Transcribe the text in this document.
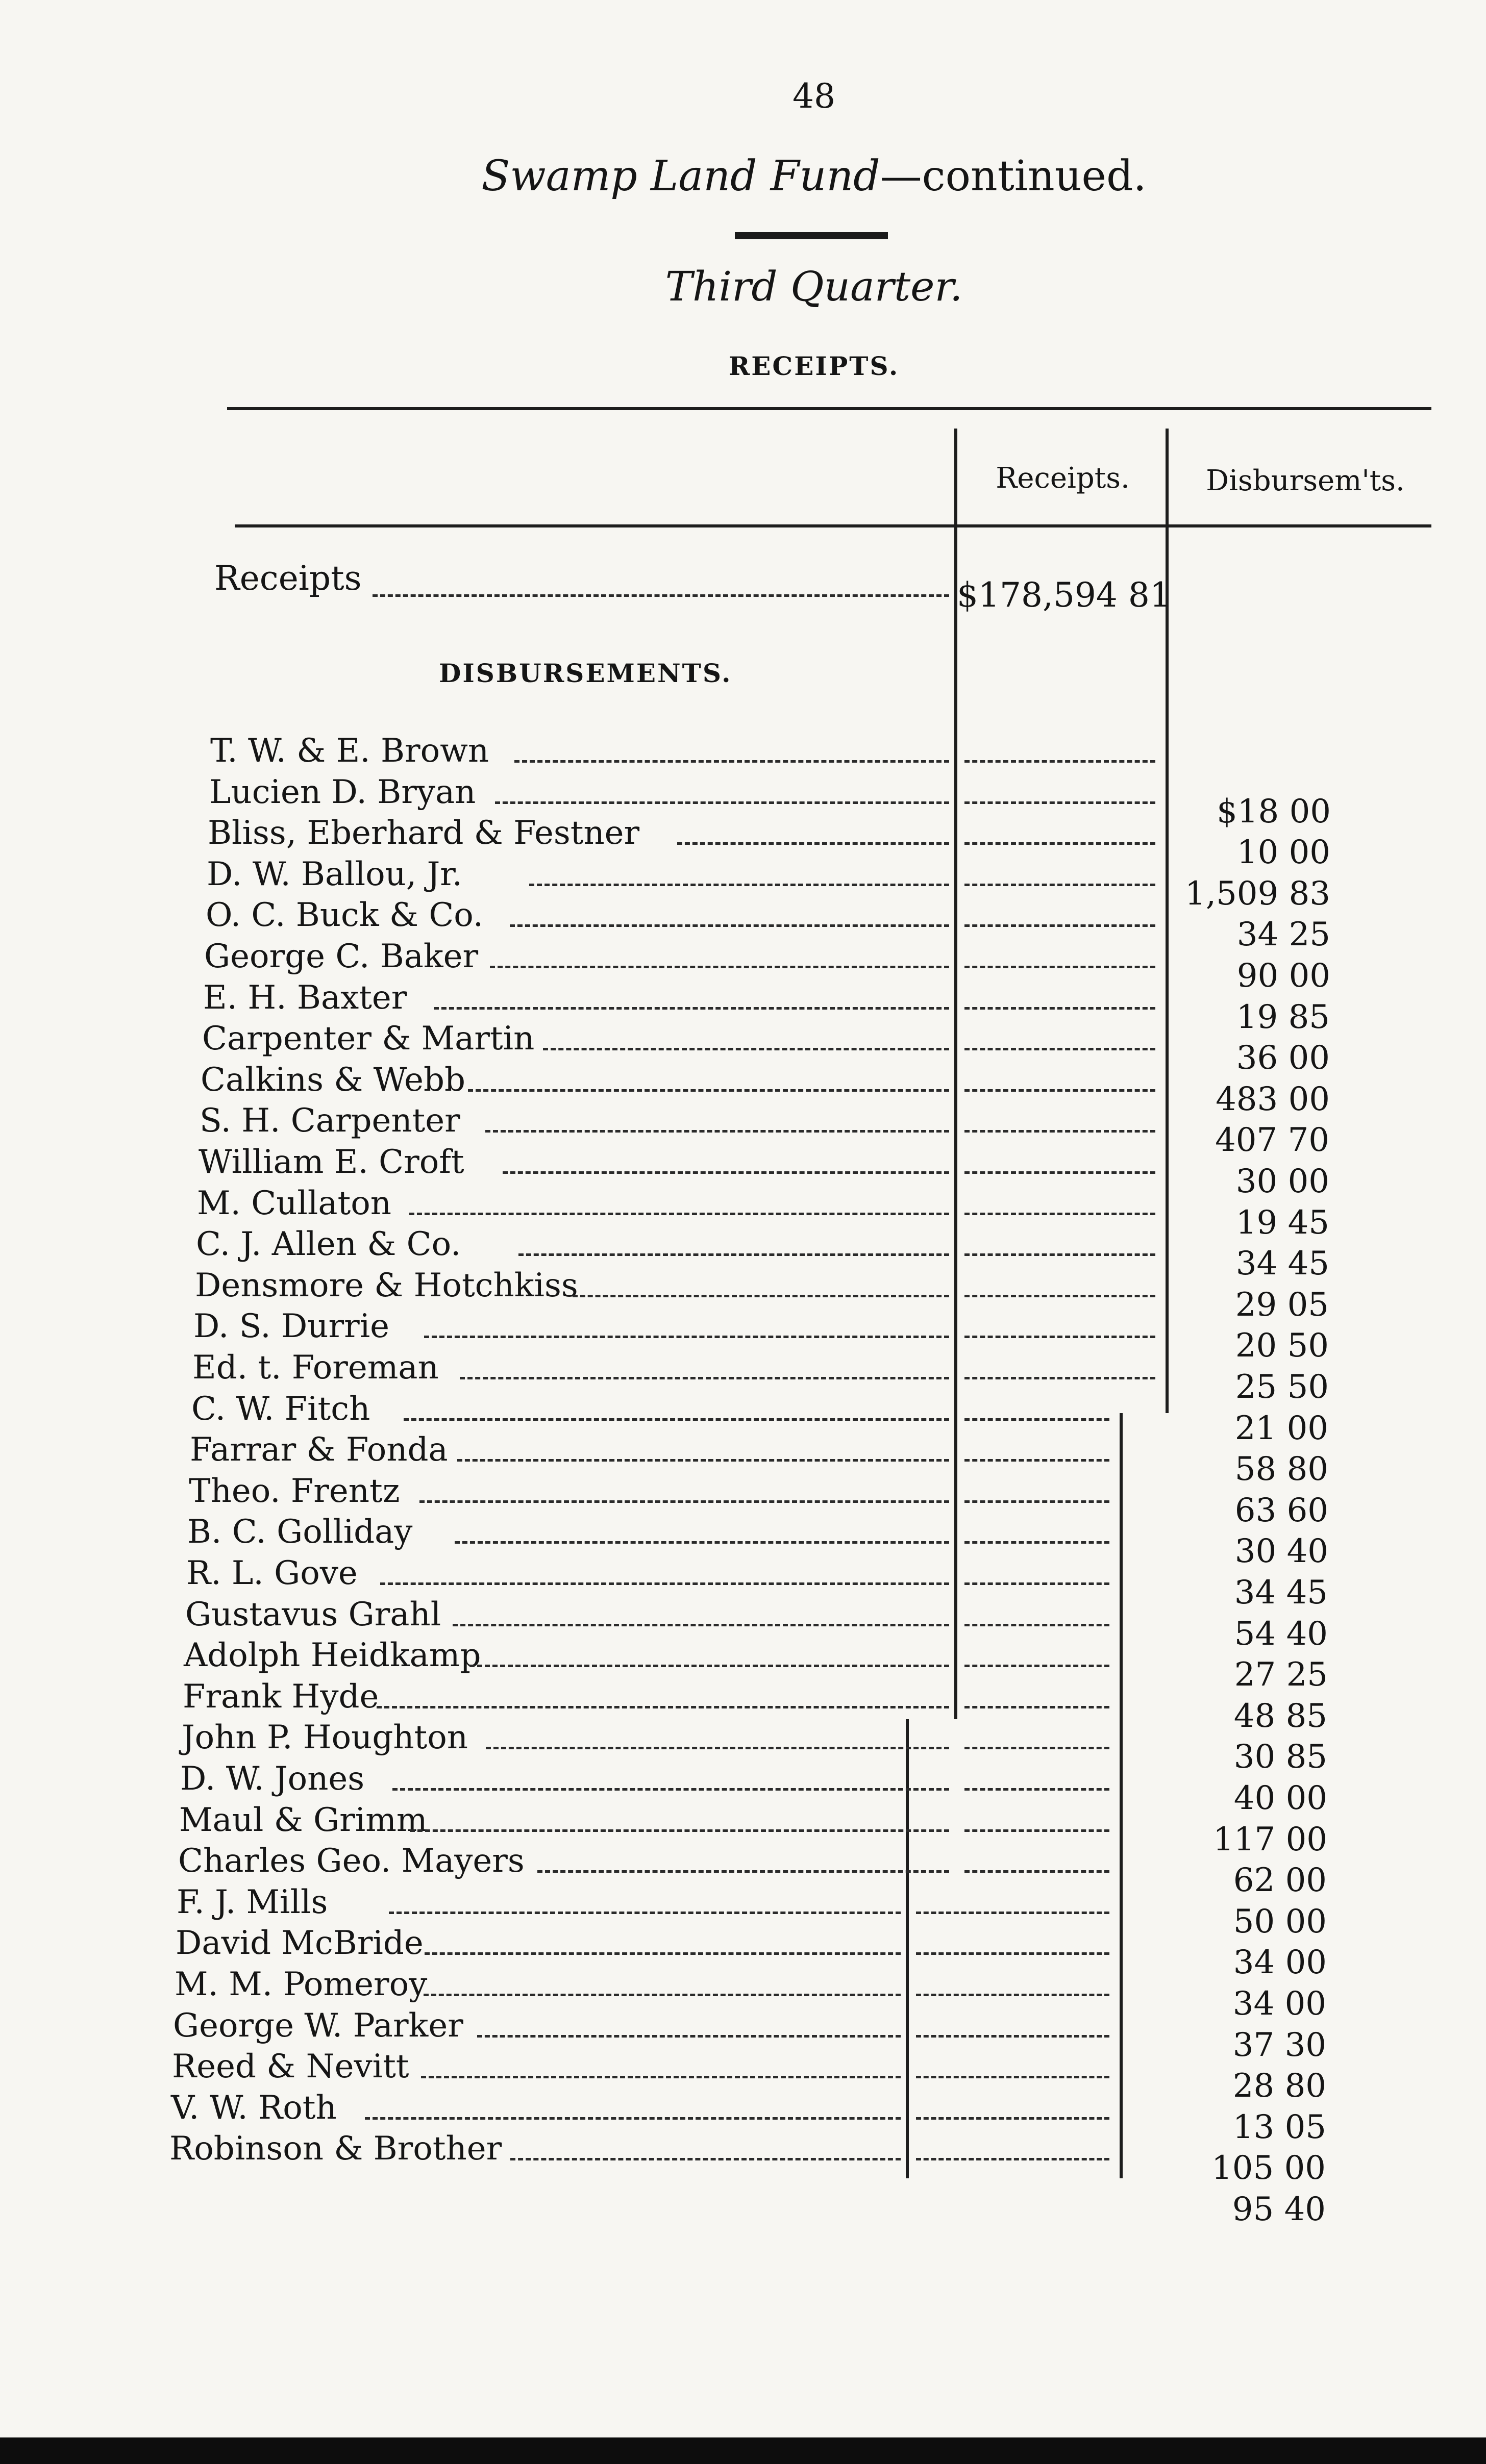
48
Swamp Land Fund—continued.
Third Quarter.
RECEIPTS.
Receipts.	Disbursem'ts.
Receipts	$178,594 81
DISBURSEMENTS.
T. W. & E. Brown
Lucien D. Bryan
$18 00
Bliss, Eberhard & Festner
10 00
D. W. Ballou, Jr.
1,509 83
O. C. Buck & Co.
34 25
George C. Baker
90 00
E. H. Baxter
19 85
Carpenter & Martin
36 00
Calkins & Webb
483 00
S. H. Carpenter
407 70
William E. Croft
30 00
M. Cullaton
19 45
C. J. Allen & Co.
34 45
Densmore & Hotchkiss
29 05
D. S. Durrie
20 50
Ed. t. Foreman
25 50
C. W. Fitch
21 00
Farrar & Fonda
58 80
Theo. Frentz
63 60
B. C. Golliday
30 40
R. L. Gove
34 45
Gustavus Grahl
54 40
Adolph Heidkamp
27 25
Frank Hyde
48 85
John P. Houghton
30 85
D. W. Jones
40 00
Maul & Grimm
117 00
Charles Geo. Mayers
62 00
F. J. Mills
50 00
David McBride
34 00
M. M. Pomeroy
34 00
George W. Parker
37 30
Reed & Nevitt
28 80
V. W. Roth
13 05
Robinson & Brother
105 00
95 40
